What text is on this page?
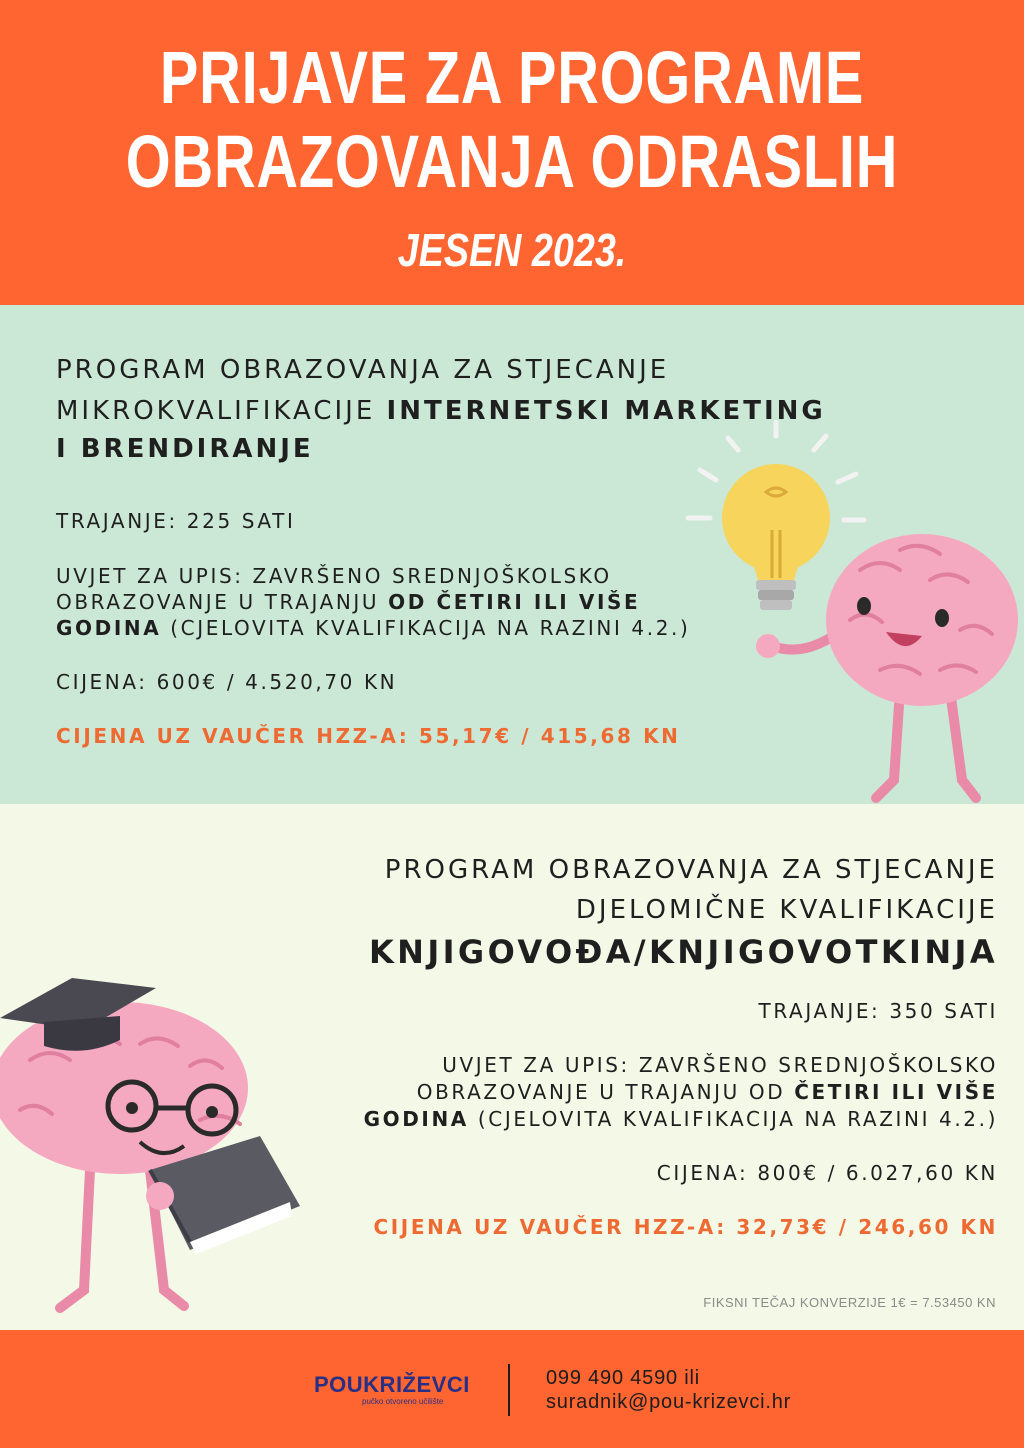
PRIJAVE ZA PROGRAME
OBRAZOVANJA ODRASLIH
JESEN 2023.
PROGRAM OBRAZOVANJA ZA STJECANJE
MIKROKVALIFIKACIJE INTERNETSKI MARKETING
I BRENDIRANJE
TRAJANJE: 225 SATI
UVJET ZA UPIS: ZAVRŠENO SREDNJOŠKOLSKO
OBRAZOVANJE U TRAJANJU OD ČETIRI ILI VIŠE
GODINA (CJELOVITA KVALIFIKACIJA NA RAZINI 4.2.)
CIJENA: 600€ / 4.520,70 KN
CIJENA UZ VAUČER HZZ-A: 55,17€ / 415,68 KN
PROGRAM OBRAZOVANJA ZA STJECANJE
DJELOMIČNE KVALIFIKACIJE
KNJIGOVOĐA/KNJIGOVOTKINJA
TRAJANJE: 350 SATI
UVJET ZA UPIS: ZAVRŠENO SREDNJOŠKOLSKO
OBRAZOVANJE U TRAJANJU OD ČETIRI ILI VIŠE
GODINA (CJELOVITA KVALIFIKACIJA NA RAZINI 4.2.)
CIJENA: 800€ / 6.027,60 KN
CIJENA UZ VAUČER HZZ-A: 32,73€ / 246,60 KN
FIKSNI TEČAJ KONVERZIJE 1€ = 7.53450 KN
POUKRIŽEVCI
pučko otvoreno učilište
099 490 4590 ili
suradnik@pou-krizevci.hr
